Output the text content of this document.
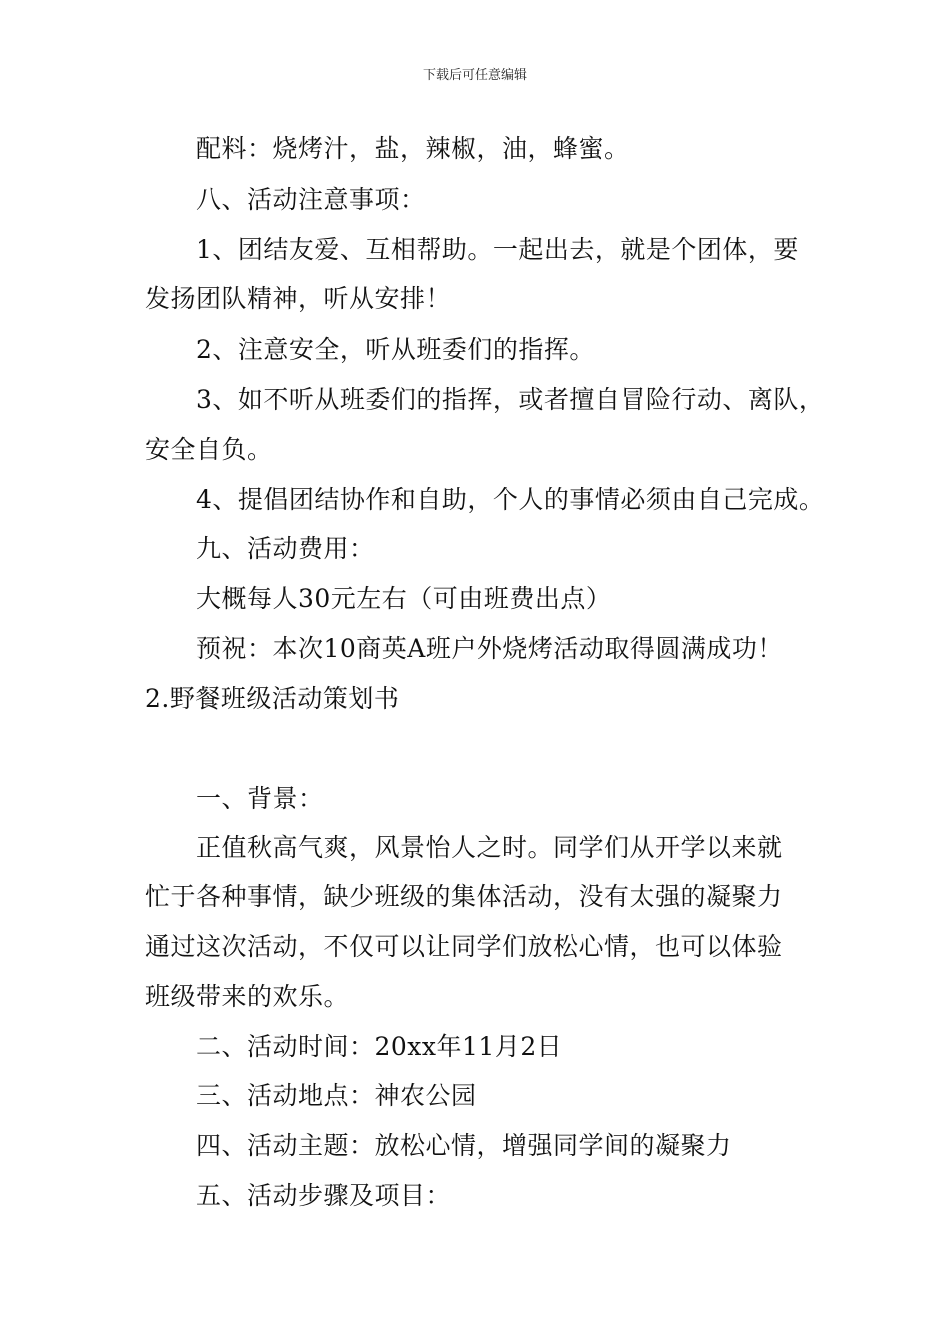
下载后可任意编辑
配料：烧烤汁，盐，辣椒，油，蜂蜜。
八、活动注意事项：
1、团结友爱、互相帮助。一起出去，就是个团体，要
发扬团队精神，听从安排！
2、注意安全，听从班委们的指挥。
3、如不听从班委们的指挥，或者擅自冒险行动、离队，
安全自负。
4、提倡团结协作和自助，个人的事情必须由自己完成。
九、活动费用：
大概每人30元左右（可由班费出点）
预祝：本次10商英A班户外烧烤活动取得圆满成功！
2.野餐班级活动策划书
一、背景：
正值秋高气爽，风景怡人之时。同学们从开学以来就
忙于各种事情，缺少班级的集体活动，没有太强的凝聚力
通过这次活动，不仅可以让同学们放松心情，也可以体验
班级带来的欢乐。
二、活动时间：20xx年11月2日
三、活动地点：神农公园
四、活动主题：放松心情，增强同学间的凝聚力
五、活动步骤及项目：
